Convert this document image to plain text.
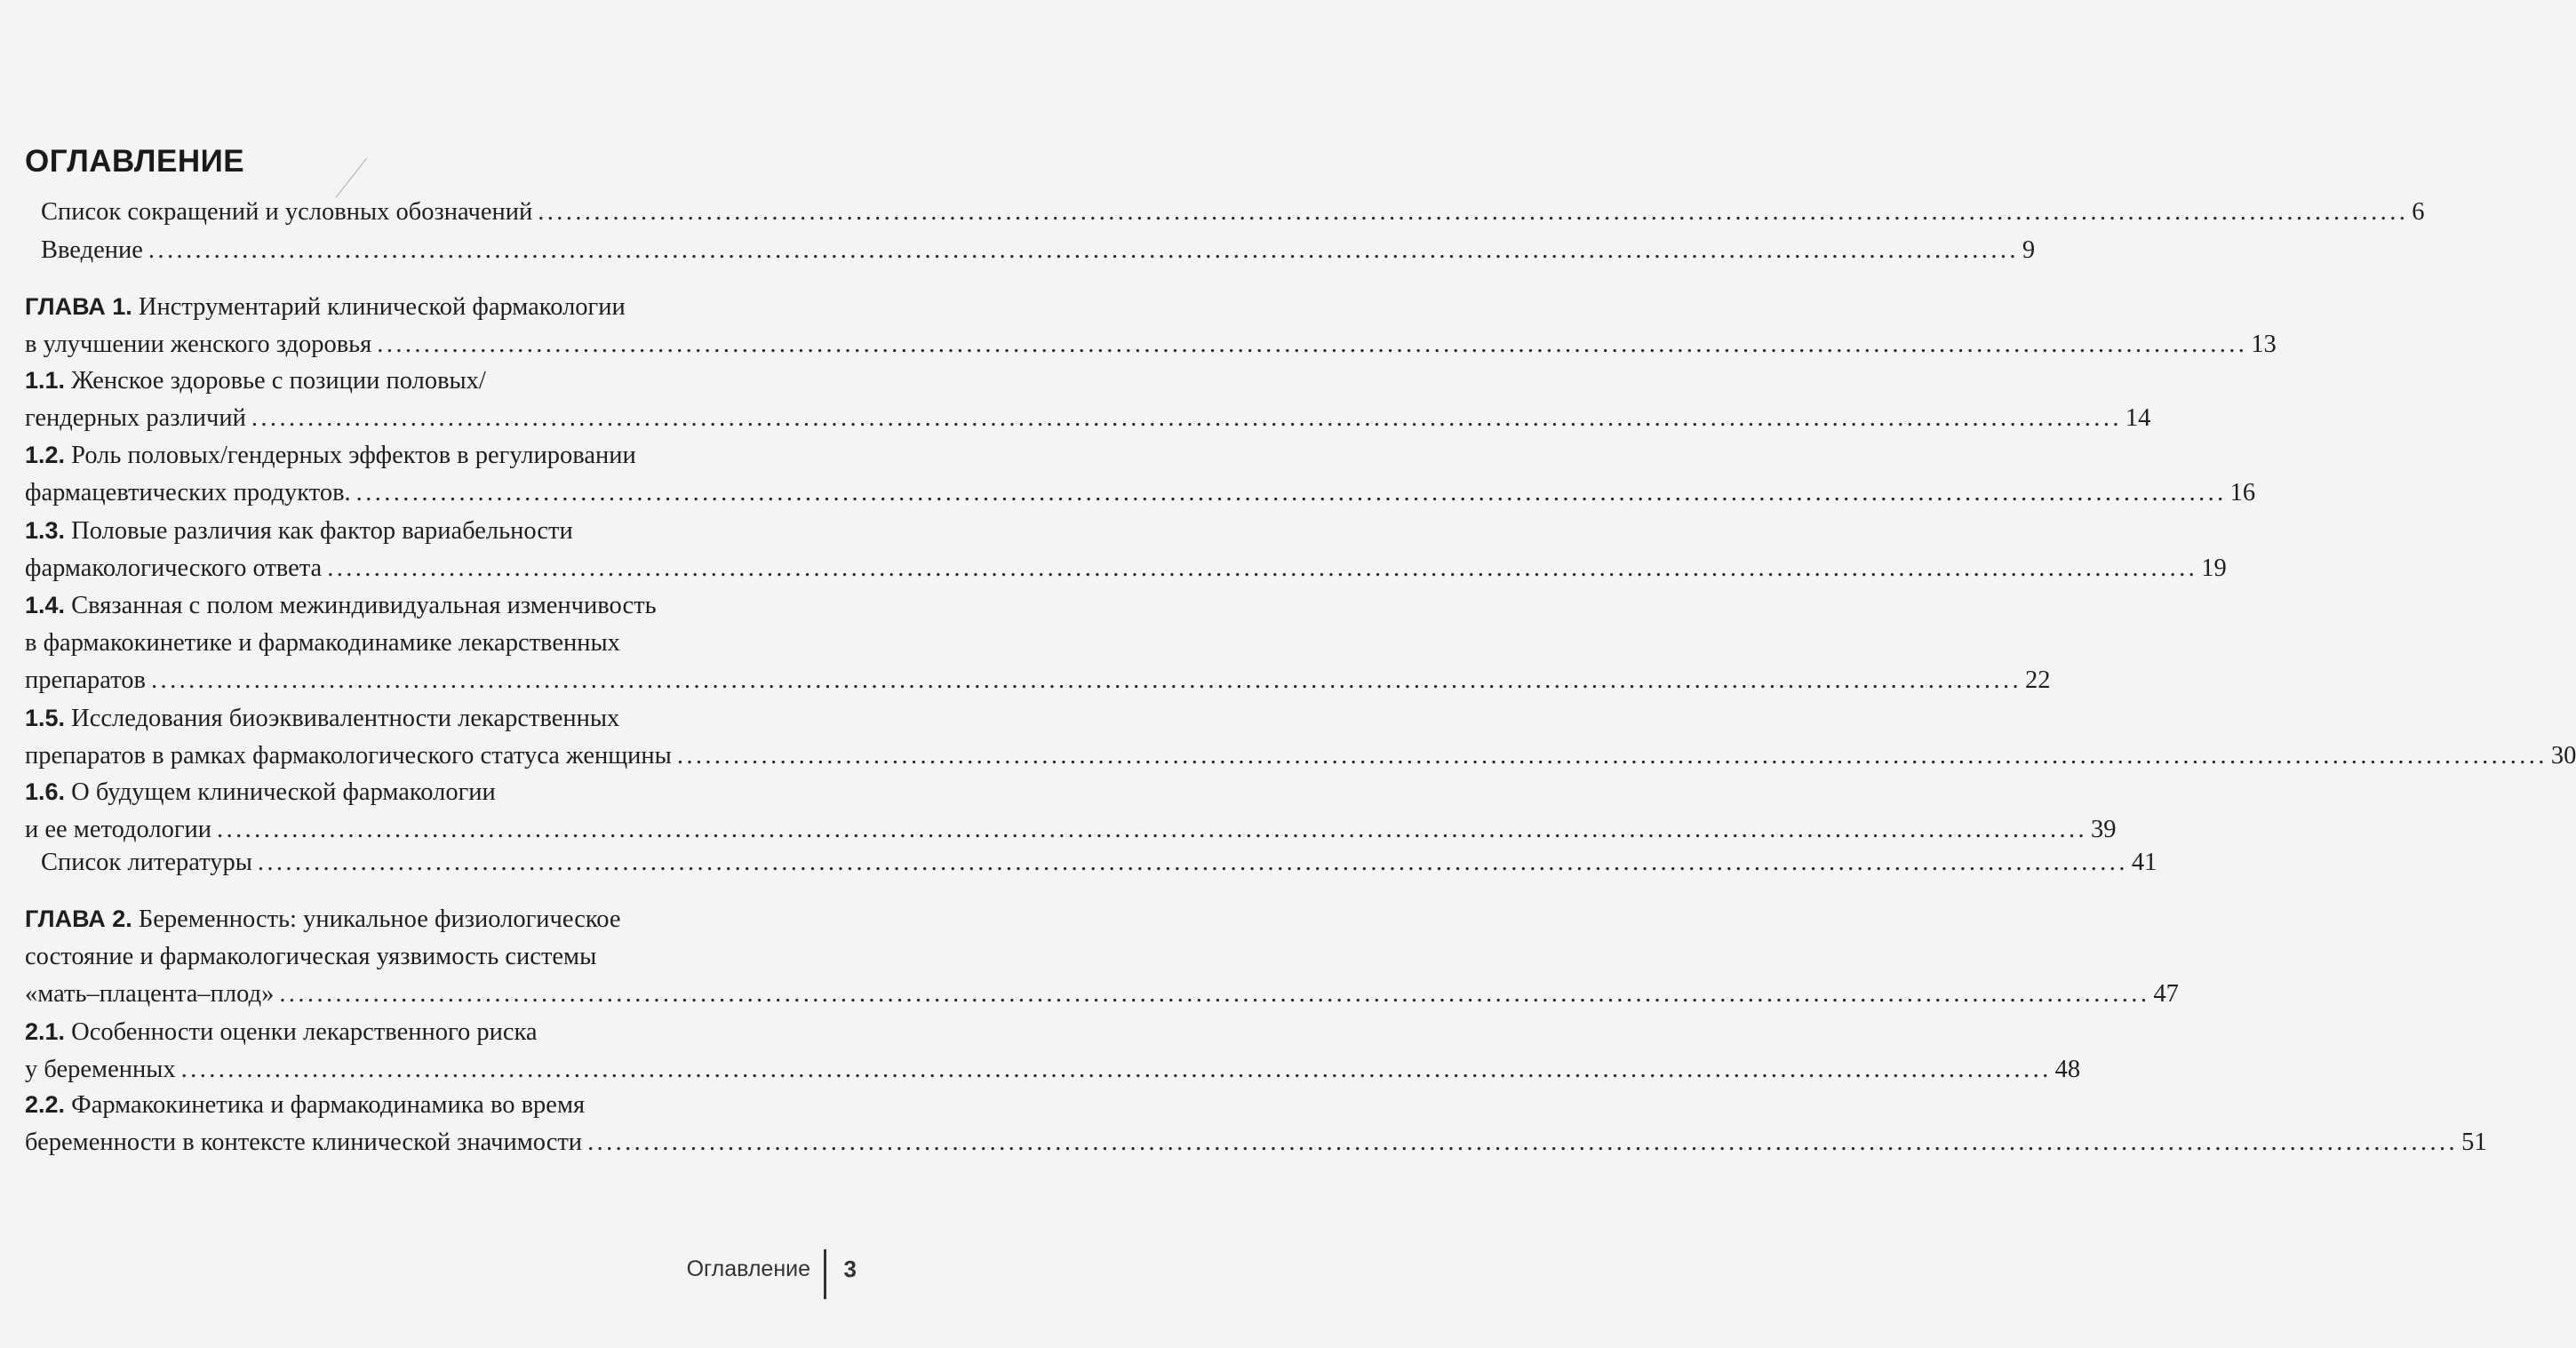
ОГЛАВЛЕНИЕ
Список сокращений и условных обозначений ........................................................................................................................................................................................................ 6
Введение ........................................................................................................................................................................................................ 9
ГЛАВА 1. Инструментарий клинической фармакологии
в улучшении женского здоровья ........................................................................................................................................................................................................ 13
1.1. Женское здоровье с позиции половых/
гендерных различий ........................................................................................................................................................................................................ 14
1.2. Роль половых/гендерных эффектов в регулировании
фармацевтических продуктов. ........................................................................................................................................................................................................ 16
1.3. Половые различия как фактор вариабельности
фармакологического ответа ........................................................................................................................................................................................................ 19
1.4. Связанная с полом межиндивидуальная изменчивость
в фармакокинетике и фармакодинамике лекарственных
препаратов ........................................................................................................................................................................................................ 22
1.5. Исследования биоэквивалентности лекарственных
препаратов в рамках фармакологического статуса женщины ........................................................................................................................................................................................................ 30
1.6. О будущем клинической фармакологии
и ее методологии ........................................................................................................................................................................................................ 39
Список литературы ........................................................................................................................................................................................................ 41
ГЛАВА 2. Беременность: уникальное физиологическое
состояние и фармакологическая уязвимость системы
«мать–плацента–плод» ........................................................................................................................................................................................................ 47
2.1. Особенности оценки лекарственного риска
у беременных ........................................................................................................................................................................................................ 48
2.2. Фармакокинетика и фармакодинамика во время
беременности в контексте клинической значимости ........................................................................................................................................................................................................ 51
Оглавление 3
